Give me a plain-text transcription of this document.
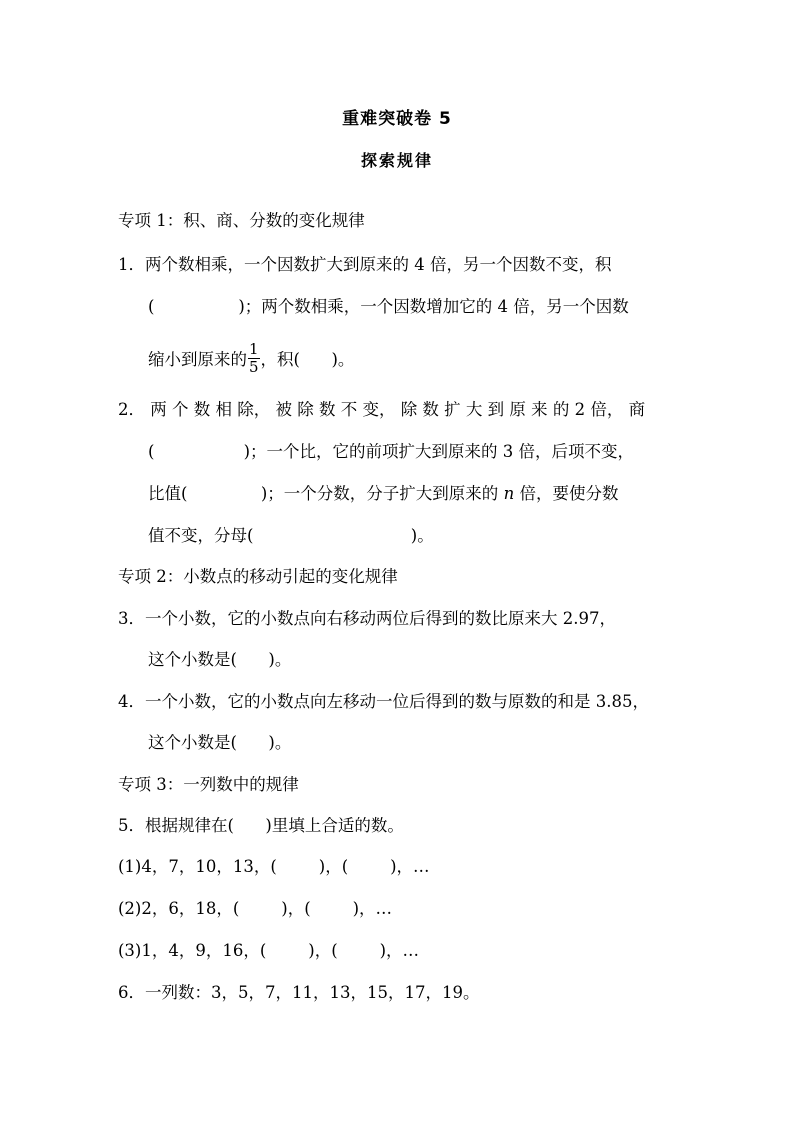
重难突破卷 5
探索规律
专项 1：积、商、分数的变化规律
1．两个数相乘，一个因数扩大到原来的 4 倍，另一个因数不变，积
(                )；两个数相乘，一个因数增加它的 4 倍，另一个因数
缩小到原来的 $\frac{1}{5}$ ，积(      )。
2． 两 个 数 相 除， 被 除 数 不 变， 除 数 扩 大 到 原 来 的 2 倍， 商
(                 )；一个比，它的前项扩大到原来的 3 倍，后项不变，
比值(              )；一个分数，分子扩大到原来的 n 倍，要使分数
值不变，分母(                              )。
专项 2：小数点的移动引起的变化规律
3．一个小数，它的小数点向右移动两位后得到的数比原来大 2.97，
这个小数是(      )。
4．一个小数，它的小数点向左移动一位后得到的数与原数的和是 3.85，
这个小数是(      )。
专项 3：一列数中的规律
5．根据规律在(      )里填上合适的数。
(1)4，7，10，13，(        )，(        )，…
(2)2，6，18，(        )，(        )，…
(3)1，4，9，16，(        )，(        )，…
6．一列数：3，5，7，11，13，15，17，19。
